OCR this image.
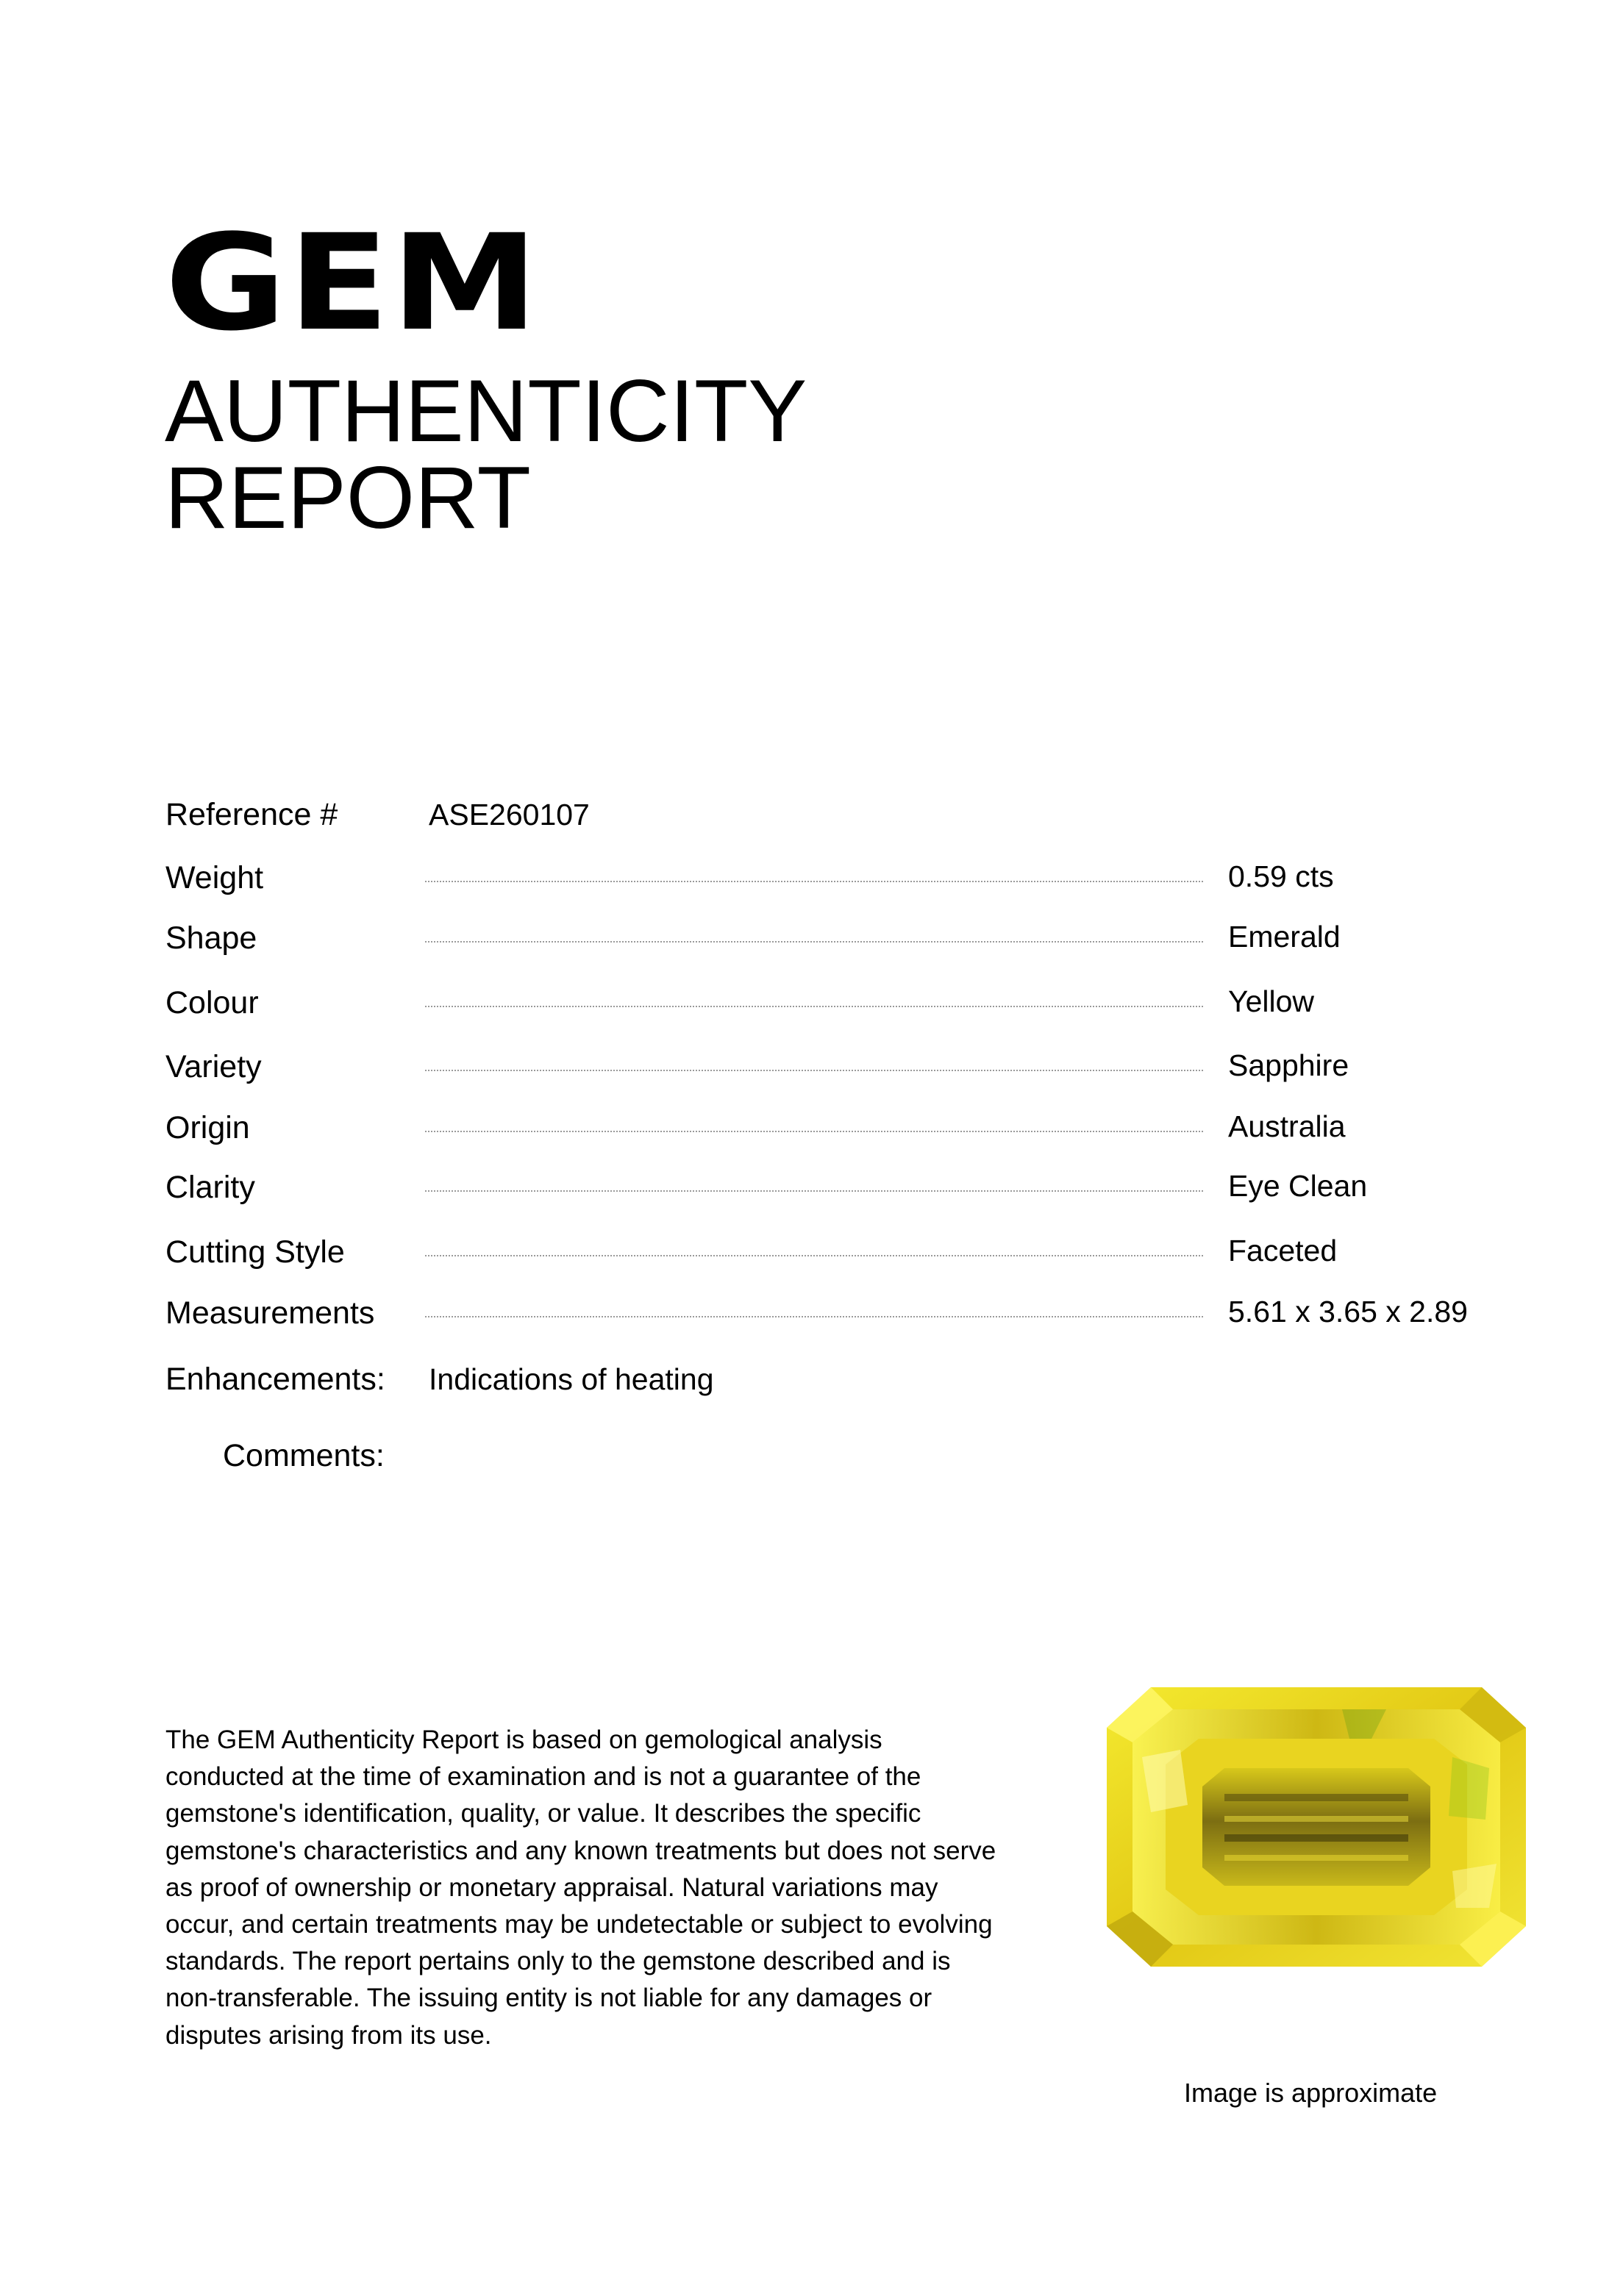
GEM
AUTHENTICITY
REPORT
Reference #	ASE260107
Weight	0.59 cts
Shape	Emerald
Colour	Yellow
Variety	Sapphire
Origin	Australia
Clarity	Eye Clean
Cutting Style	Faceted
Measurements	5.61 x 3.65 x 2.89
Enhancements: Indications of heating
Comments:

The GEM Authenticity Report is based on gemological analysis conducted at the time of examination and is not a guarantee of the gemstone's identification, quality, or value. It describes the specific gemstone's characteristics and any known treatments but does not serve as proof of ownership or monetary appraisal. Natural variations may occur, and certain treatments may be undetectable or subject to evolving standards. The report pertains only to the gemstone described and is non-transferable. The issuing entity is not liable for any damages or disputes arising from its use.

Image is approximate
